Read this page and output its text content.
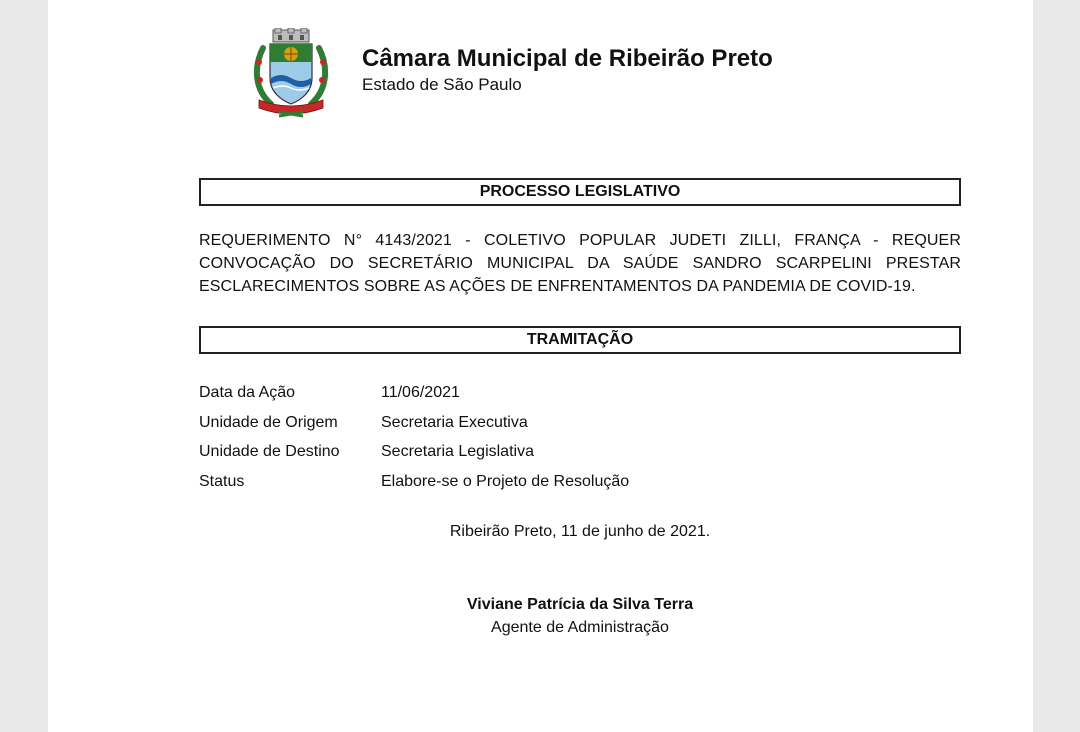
Câmara Municipal de Ribeirão Preto
Estado de São Paulo
PROCESSO LEGISLATIVO
REQUERIMENTO N° 4143/2021 - COLETIVO POPULAR JUDETI ZILLI, FRANÇA - REQUER CONVOCAÇÃO DO SECRETÁRIO MUNICIPAL DA SAÚDE SANDRO SCARPELINI PRESTAR ESCLARECIMENTOS SOBRE AS AÇÕES DE ENFRENTAMENTOS DA PANDEMIA DE COVID-19.
TRAMITAÇÃO
Data da Ação	11/06/2021
Unidade de Origem	Secretaria Executiva
Unidade de Destino	Secretaria Legislativa
Status	Elabore-se o Projeto de Resolução
Ribeirão Preto, 11 de junho de 2021.
Viviane Patrícia da Silva Terra
Agente de Administração
